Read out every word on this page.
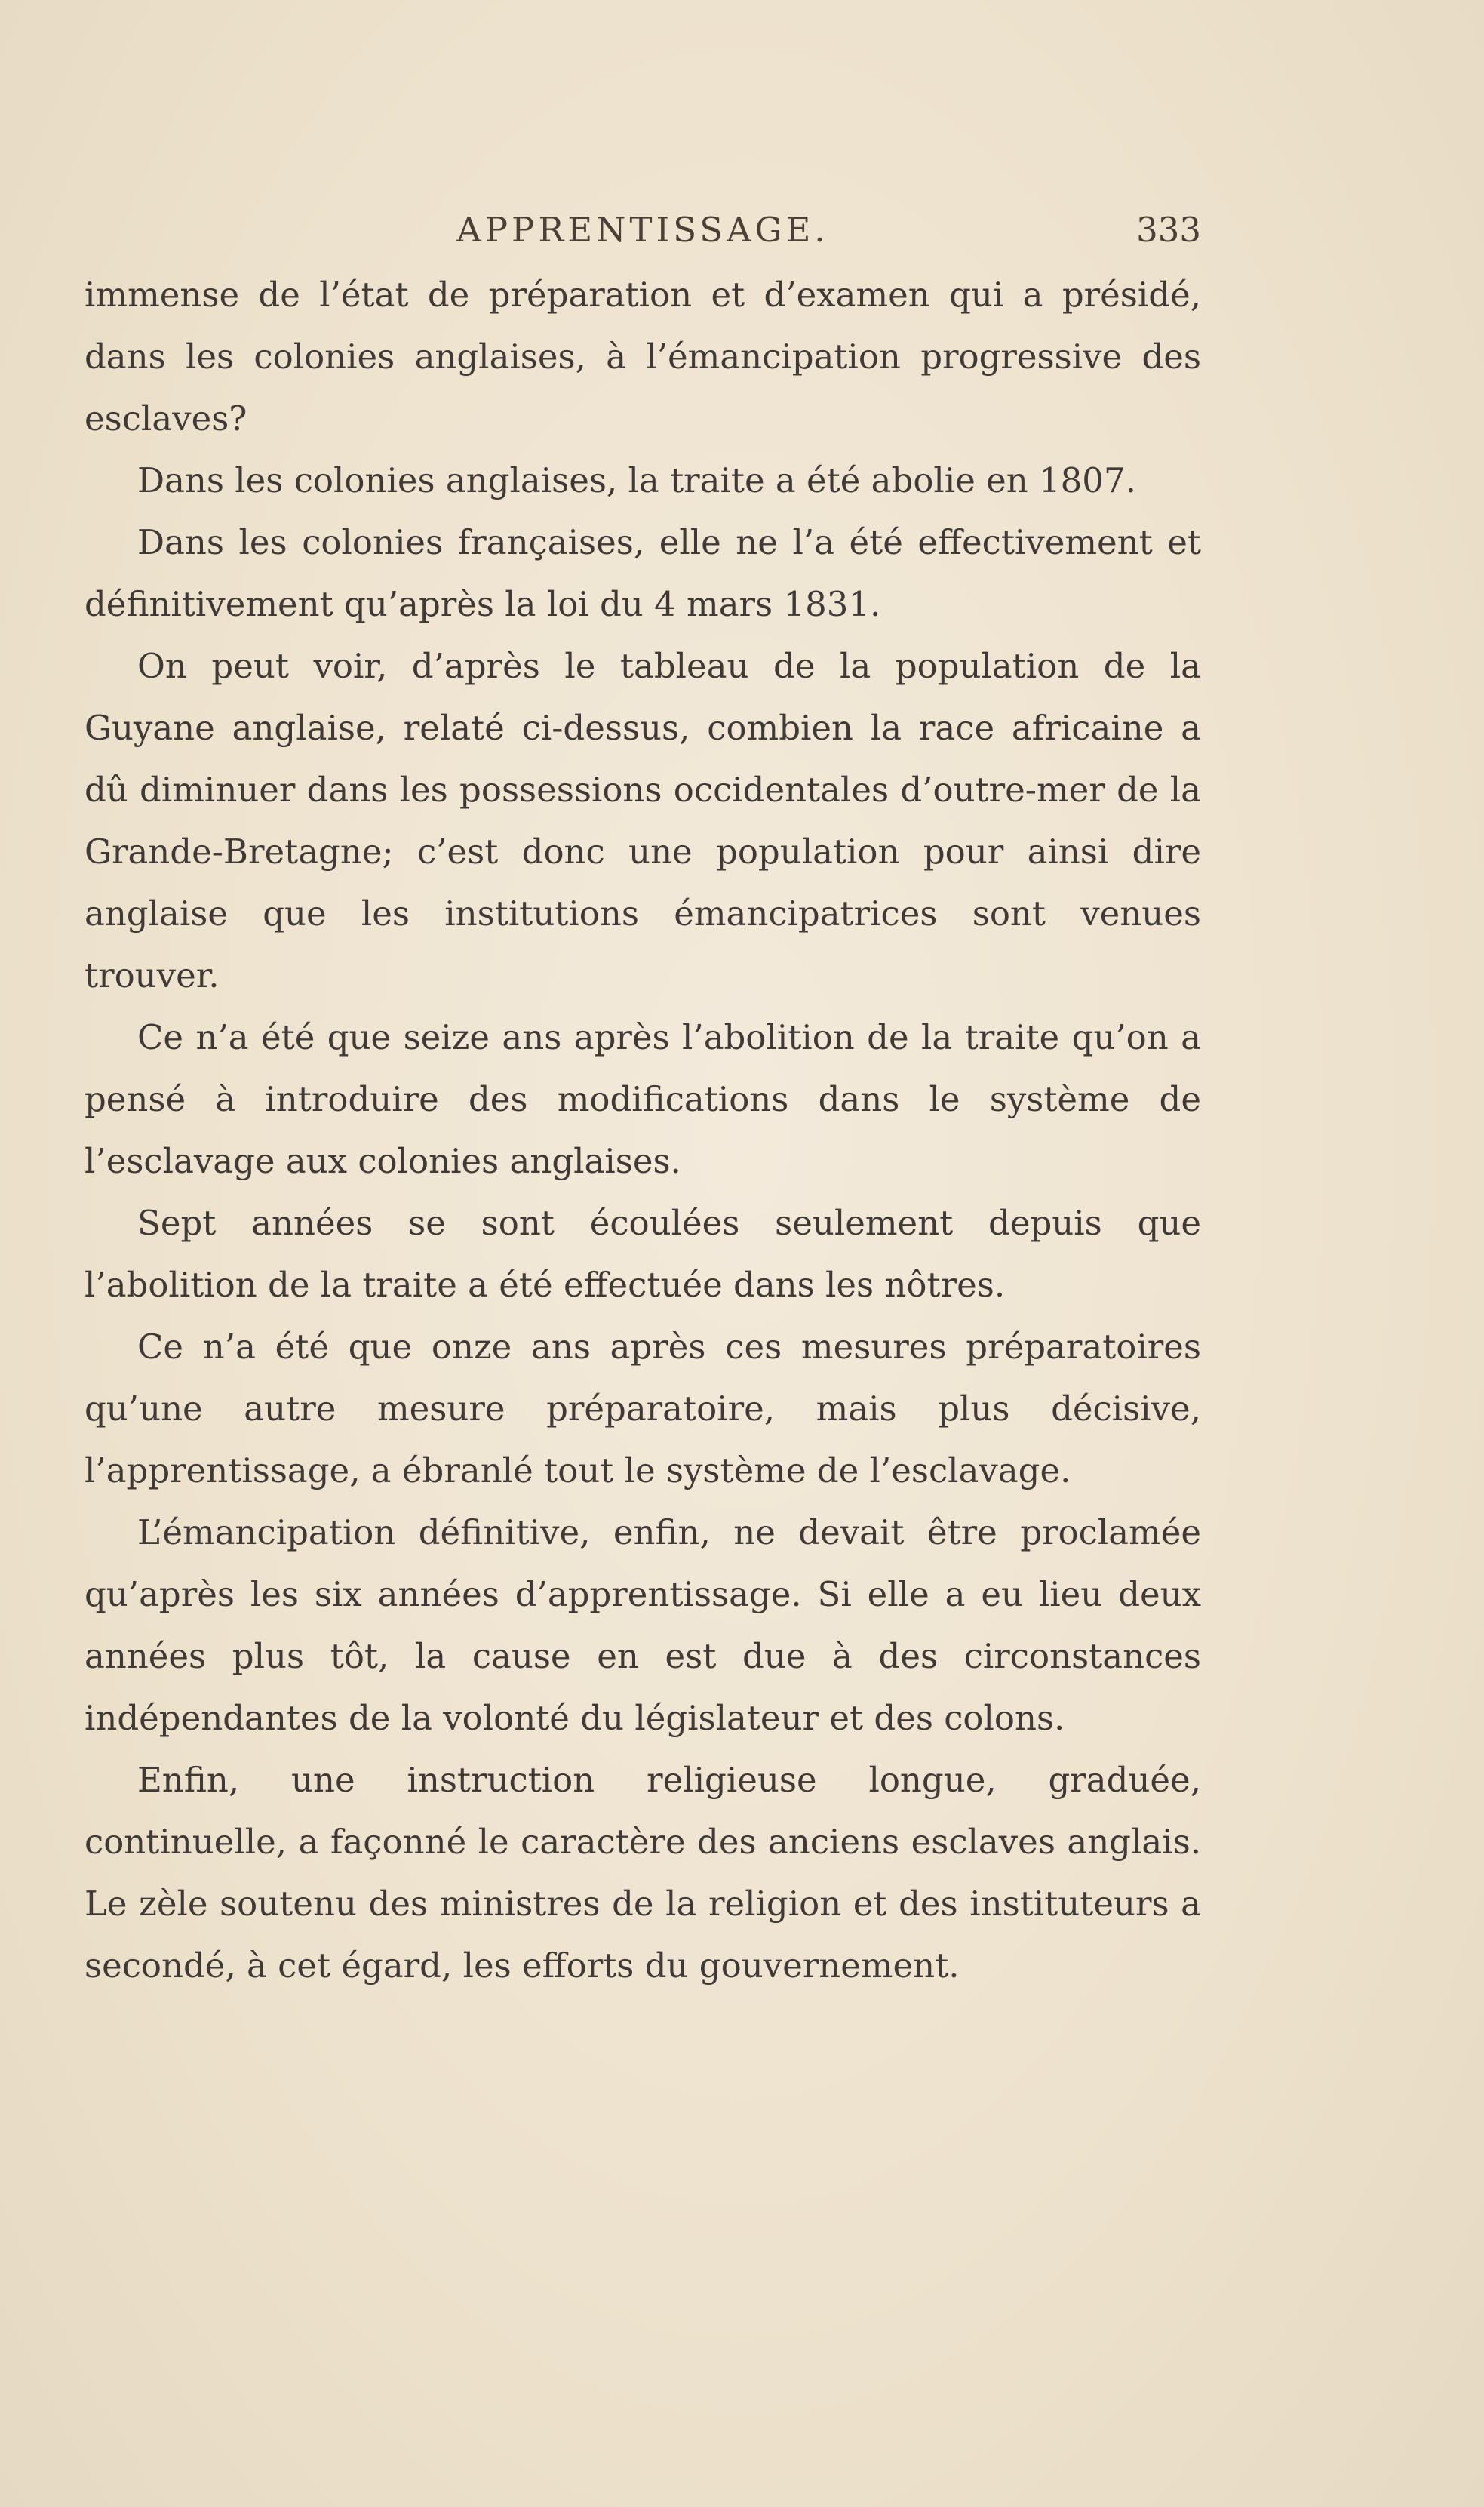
APPRENTISSAGE.	333

immense de l’état de préparation et d’examen qui a présidé, dans les colonies anglaises, à l’émancipation progressive des esclaves?

Dans les colonies anglaises, la traite a été abolie en 1807.

Dans les colonies françaises, elle ne l’a été effectivement et définitivement qu’après la loi du 4 mars 1831.

On peut voir, d’après le tableau de la population de la Guyane anglaise, relaté ci-dessus, combien la race africaine a dû diminuer dans les possessions occidentales d’outre-mer de la Grande-Bretagne; c’est donc une population pour ainsi dire anglaise que les institutions émancipatrices sont venues trouver.

Ce n’a été que seize ans après l’abolition de la traite qu’on a pensé à introduire des modifications dans le système de l’esclavage aux colonies anglaises.

Sept années se sont écoulées seulement depuis que l’abolition de la traite a été effectuée dans les nôtres.

Ce n’a été que onze ans après ces mesures préparatoires qu’une autre mesure préparatoire, mais plus décisive, l’apprentissage, a ébranlé tout le système de l’esclavage.

L’émancipation définitive, enfin, ne devait être proclamée qu’après les six années d’apprentissage. Si elle a eu lieu deux années plus tôt, la cause en est due à des circonstances indépendantes de la volonté du législateur et des colons.

Enfin, une instruction religieuse longue, graduée, continuelle, a façonné le caractère des anciens esclaves anglais. Le zèle soutenu des ministres de la religion et des instituteurs a secondé, à cet égard, les efforts du gouvernement.
